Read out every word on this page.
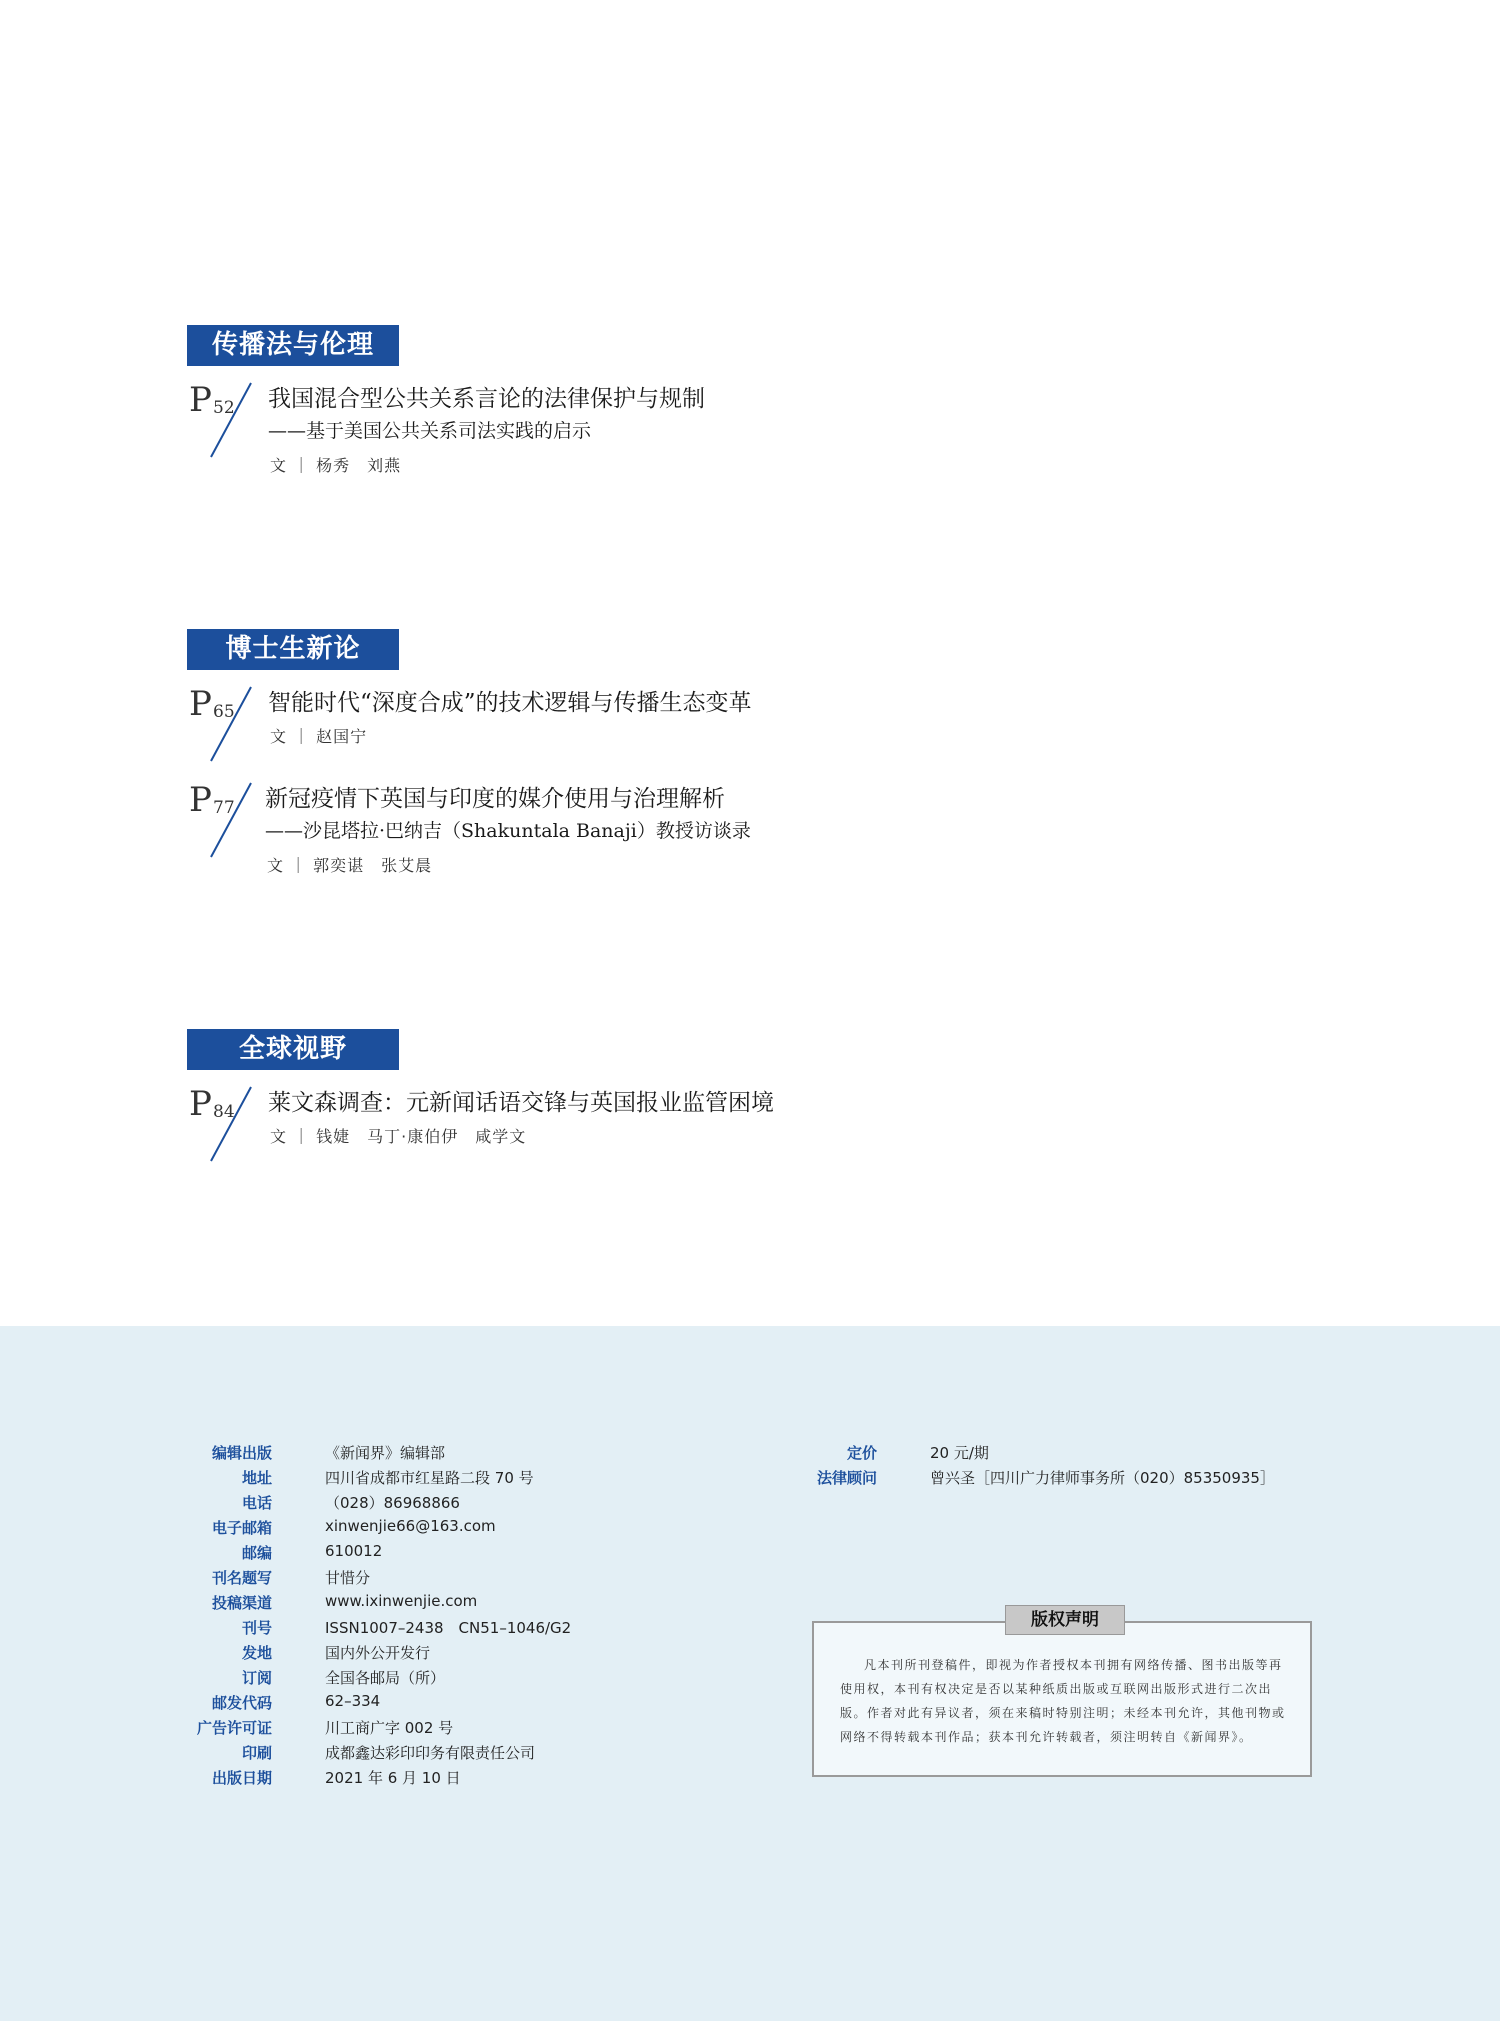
传播法与伦理
P 52 我国混合型公共关系言论的法律保护与规制
——基于美国公共关系司法实践的启示
文 ｜ 杨秀　刘燕
博士生新论
P 65 智能时代“深度合成”的技术逻辑与传播生态变革
文 ｜ 赵国宁
P 77 新冠疫情下英国与印度的媒介使用与治理解析
——沙昆塔拉·巴纳吉（Shakuntala Banaji）教授访谈录
文 ｜ 郭奕谌　张艾晨
全球视野
P 84 莱文森调查：元新闻话语交锋与英国报业监管困境
文 ｜ 钱婕　马丁·康伯伊　咸学文
编辑出版	《新闻界》编辑部
地址	四川省成都市红星路二段 70 号
电话	（028）86968866
电子邮箱	xinwenjie66@163.com
邮编	610012
刊名题写	甘惜分
投稿渠道	www.ixinwenjie.com
刊号	ISSN1007–2438　CN51–1046/G2
发地	国内外公开发行
订阅	全国各邮局（所）
邮发代码	62–334
广告许可证	川工商广字 002 号
印刷	成都鑫达彩印印务有限责任公司
出版日期	2021 年 6 月 10 日
定价	20 元/期
法律顾问	曾兴圣［四川广力律师事务所（020）85350935］
版权声明
凡本刊所刊登稿件，即视为作者授权本刊拥有网络传播、图书出版等再使用权，本刊有权决定是否以某种纸质出版或互联网出版形式进行二次出版。作者对此有异议者，须在来稿时特别注明；未经本刊允许，其他刊物或网络不得转载本刊作品；获本刊允许转载者，须注明转自《新闻界》。
